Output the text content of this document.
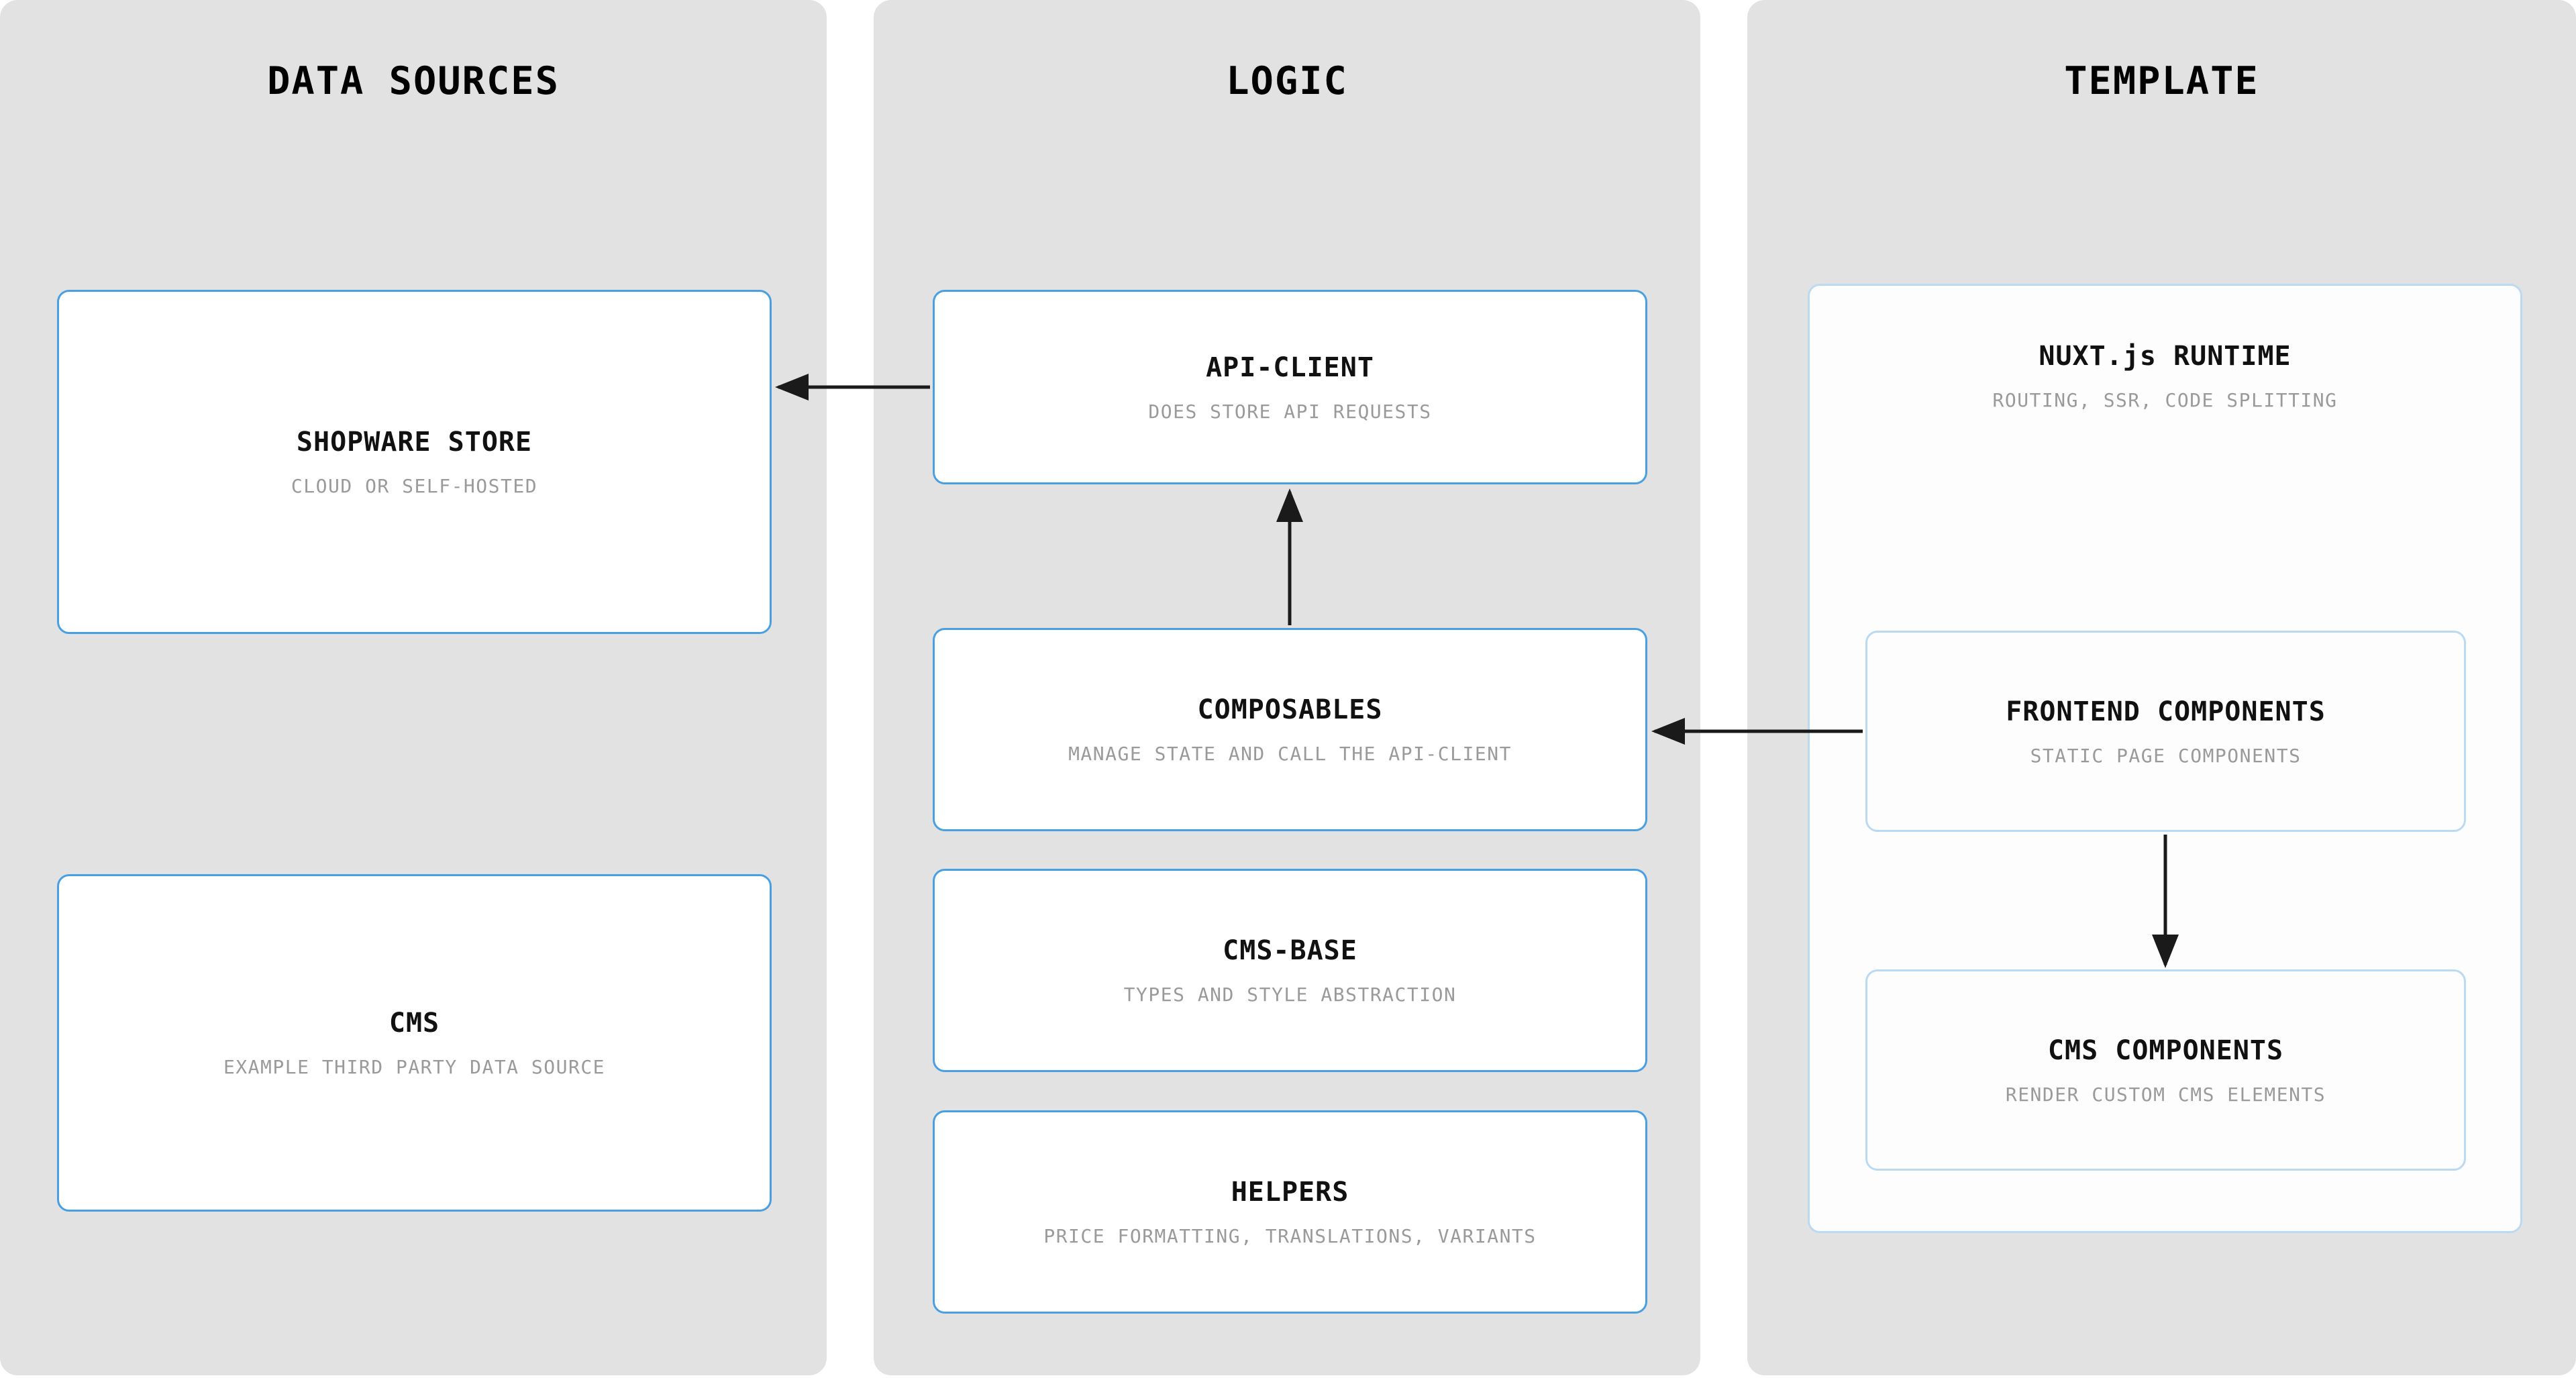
DATA SOURCES	LOGIC	TEMPLATE
SHOPWARE STORE
CLOUD OR SELF-HOSTED
CMS
EXAMPLE THIRD PARTY DATA SOURCE
API-CLIENT
DOES STORE API REQUESTS
COMPOSABLES
MANAGE STATE AND CALL THE API-CLIENT
CMS-BASE
TYPES AND STYLE ABSTRACTION
HELPERS
PRICE FORMATTING, TRANSLATIONS, VARIANTS
NUXT.js RUNTIME
ROUTING, SSR, CODE SPLITTING
FRONTEND COMPONENTS
STATIC PAGE COMPONENTS
CMS COMPONENTS
RENDER CUSTOM CMS ELEMENTS
